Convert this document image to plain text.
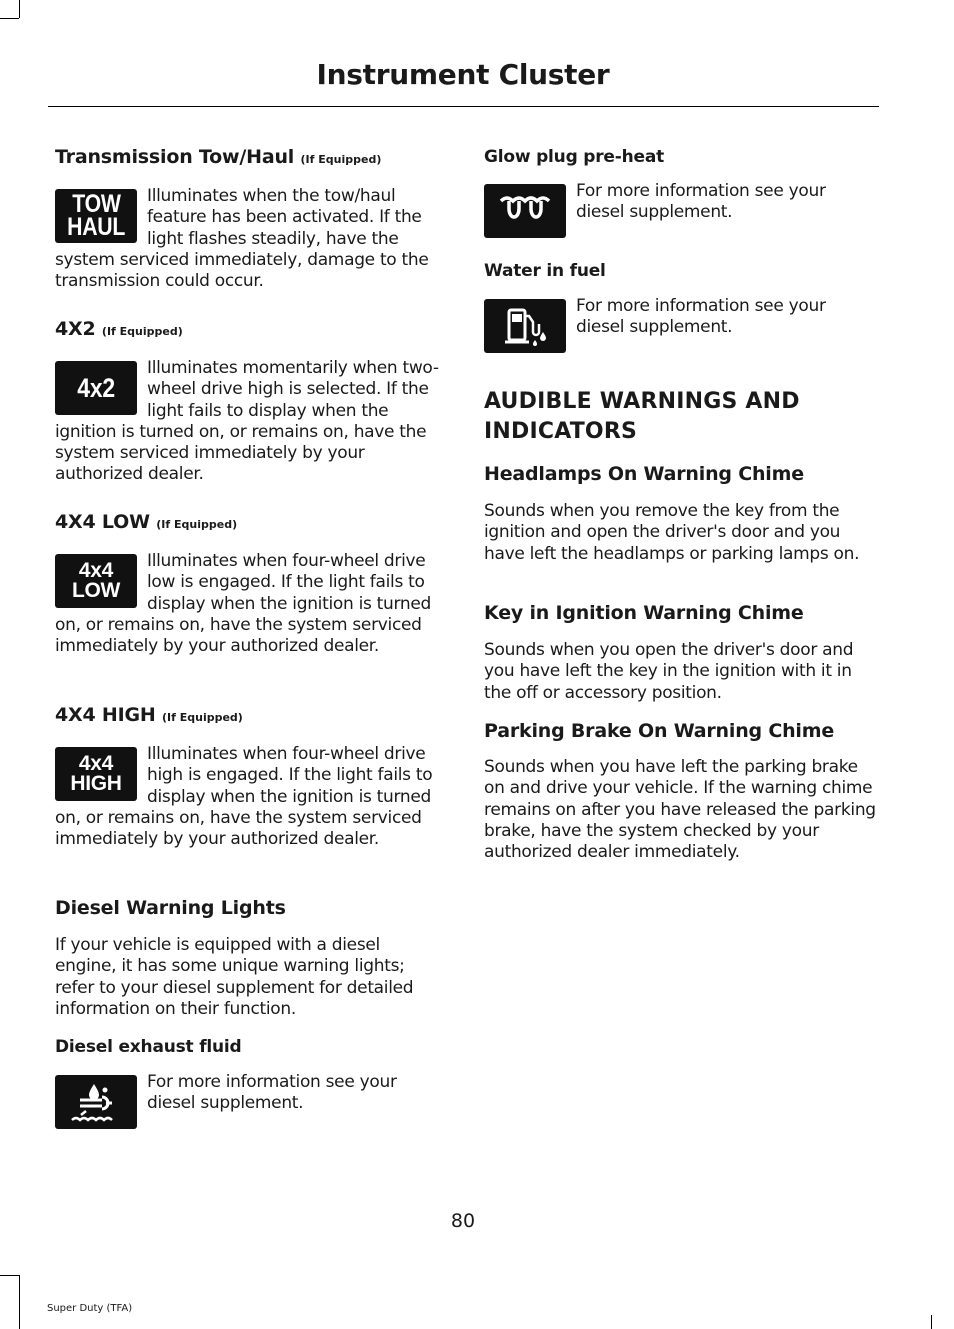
Instrument Cluster
Transmission Tow/Haul (If Equipped)
TOW
HAUL
Illuminates when the tow/haul feature has been activated. If the light flashes steadily, have the system serviced immediately, damage to the transmission could occur.
4X2 (If Equipped)
4x2
Illuminates momentarily when two-wheel drive high is selected. If the light fails to display when the ignition is turned on, or remains on, have the system serviced immediately by your authorized dealer.
4X4 LOW (If Equipped)
4x4
LOW
Illuminates when four-wheel drive low is engaged. If the light fails to display when the ignition is turned on, or remains on, have the system serviced immediately by your authorized dealer.
4X4 HIGH (If Equipped)
4x4
HIGH
Illuminates when four-wheel drive high is engaged. If the light fails to display when the ignition is turned on, or remains on, have the system serviced immediately by your authorized dealer.
Diesel Warning Lights
If your vehicle is equipped with a diesel engine, it has some unique warning lights; refer to your diesel supplement for detailed information on their function.
Diesel exhaust fluid
For more information see your diesel supplement.
Glow plug pre-heat
For more information see your diesel supplement.
Water in fuel
For more information see your diesel supplement.
AUDIBLE WARNINGS AND INDICATORS
Headlamps On Warning Chime
Sounds when you remove the key from the ignition and open the driver's door and you have left the headlamps or parking lamps on.
Key in Ignition Warning Chime
Sounds when you open the driver's door and you have left the key in the ignition with it in the off or accessory position.
Parking Brake On Warning Chime
Sounds when you have left the parking brake on and drive your vehicle. If the warning chime remains on after you have released the parking brake, have the system checked by your authorized dealer immediately.
80
Super Duty (TFA)
